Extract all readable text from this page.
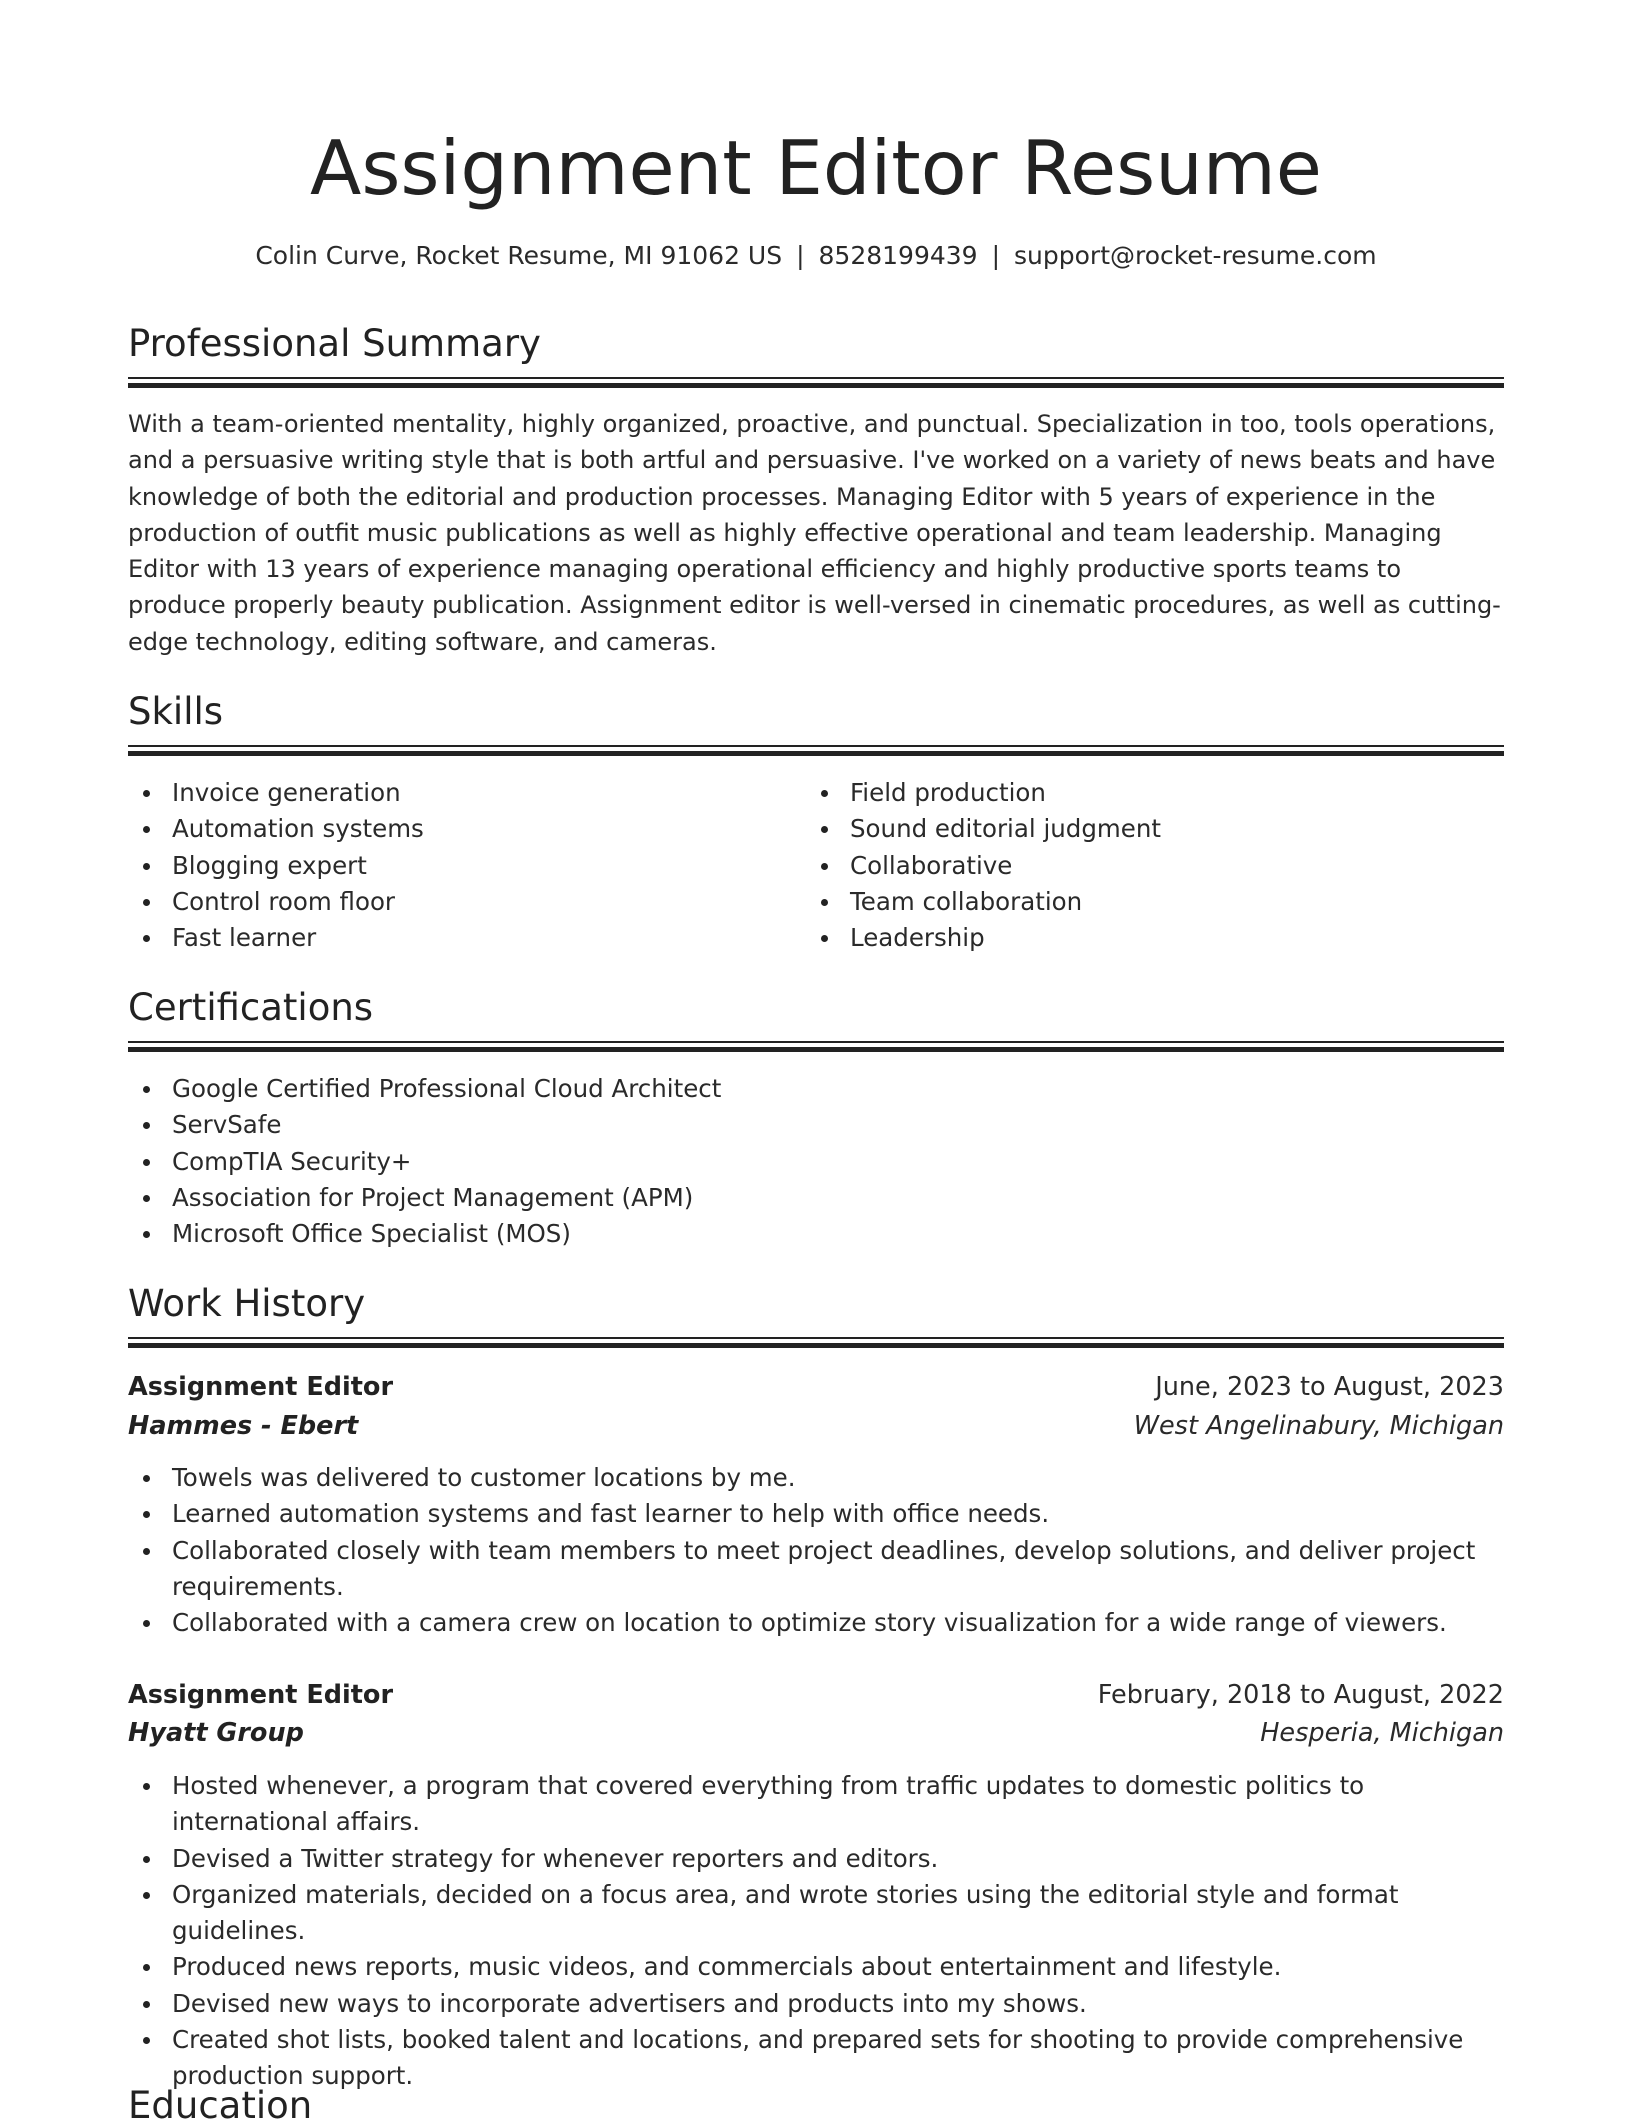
Assignment Editor Resume
Colin Curve, Rocket Resume, MI 91062 US | 8528199439 | support@rocket-resume.com
Professional Summary
With a team-oriented mentality, highly organized, proactive, and punctual. Specialization in too, tools operations, and a persuasive writing style that is both artful and persuasive. I've worked on a variety of news beats and have knowledge of both the editorial and production processes. Managing Editor with 5 years of experience in the production of outfit music publications as well as highly effective operational and team leadership. Managing Editor with 13 years of experience managing operational efficiency and highly productive sports teams to produce properly beauty publication. Assignment editor is well-versed in cinematic procedures, as well as cutting-edge technology, editing software, and cameras.
Skills
Invoice generation
Automation systems
Blogging expert
Control room floor
Fast learner
Field production
Sound editorial judgment
Collaborative
Team collaboration
Leadership
Certifications
Google Certified Professional Cloud Architect
ServSafe
CompTIA Security+
Association for Project Management (APM)
Microsoft Office Specialist (MOS)
Work History
Assignment Editor	June, 2023 to August, 2023
Hammes - Ebert	West Angelinabury, Michigan
Towels was delivered to customer locations by me.
Learned automation systems and fast learner to help with office needs.
Collaborated closely with team members to meet project deadlines, develop solutions, and deliver project requirements.
Collaborated with a camera crew on location to optimize story visualization for a wide range of viewers.
Assignment Editor	February, 2018 to August, 2022
Hyatt Group	Hesperia, Michigan
Hosted whenever, a program that covered everything from traffic updates to domestic politics to international affairs.
Devised a Twitter strategy for whenever reporters and editors.
Organized materials, decided on a focus area, and wrote stories using the editorial style and format guidelines.
Produced news reports, music videos, and commercials about entertainment and lifestyle.
Devised new ways to incorporate advertisers and products into my shows.
Created shot lists, booked talent and locations, and prepared sets for shooting to provide comprehensive production support.
Education
